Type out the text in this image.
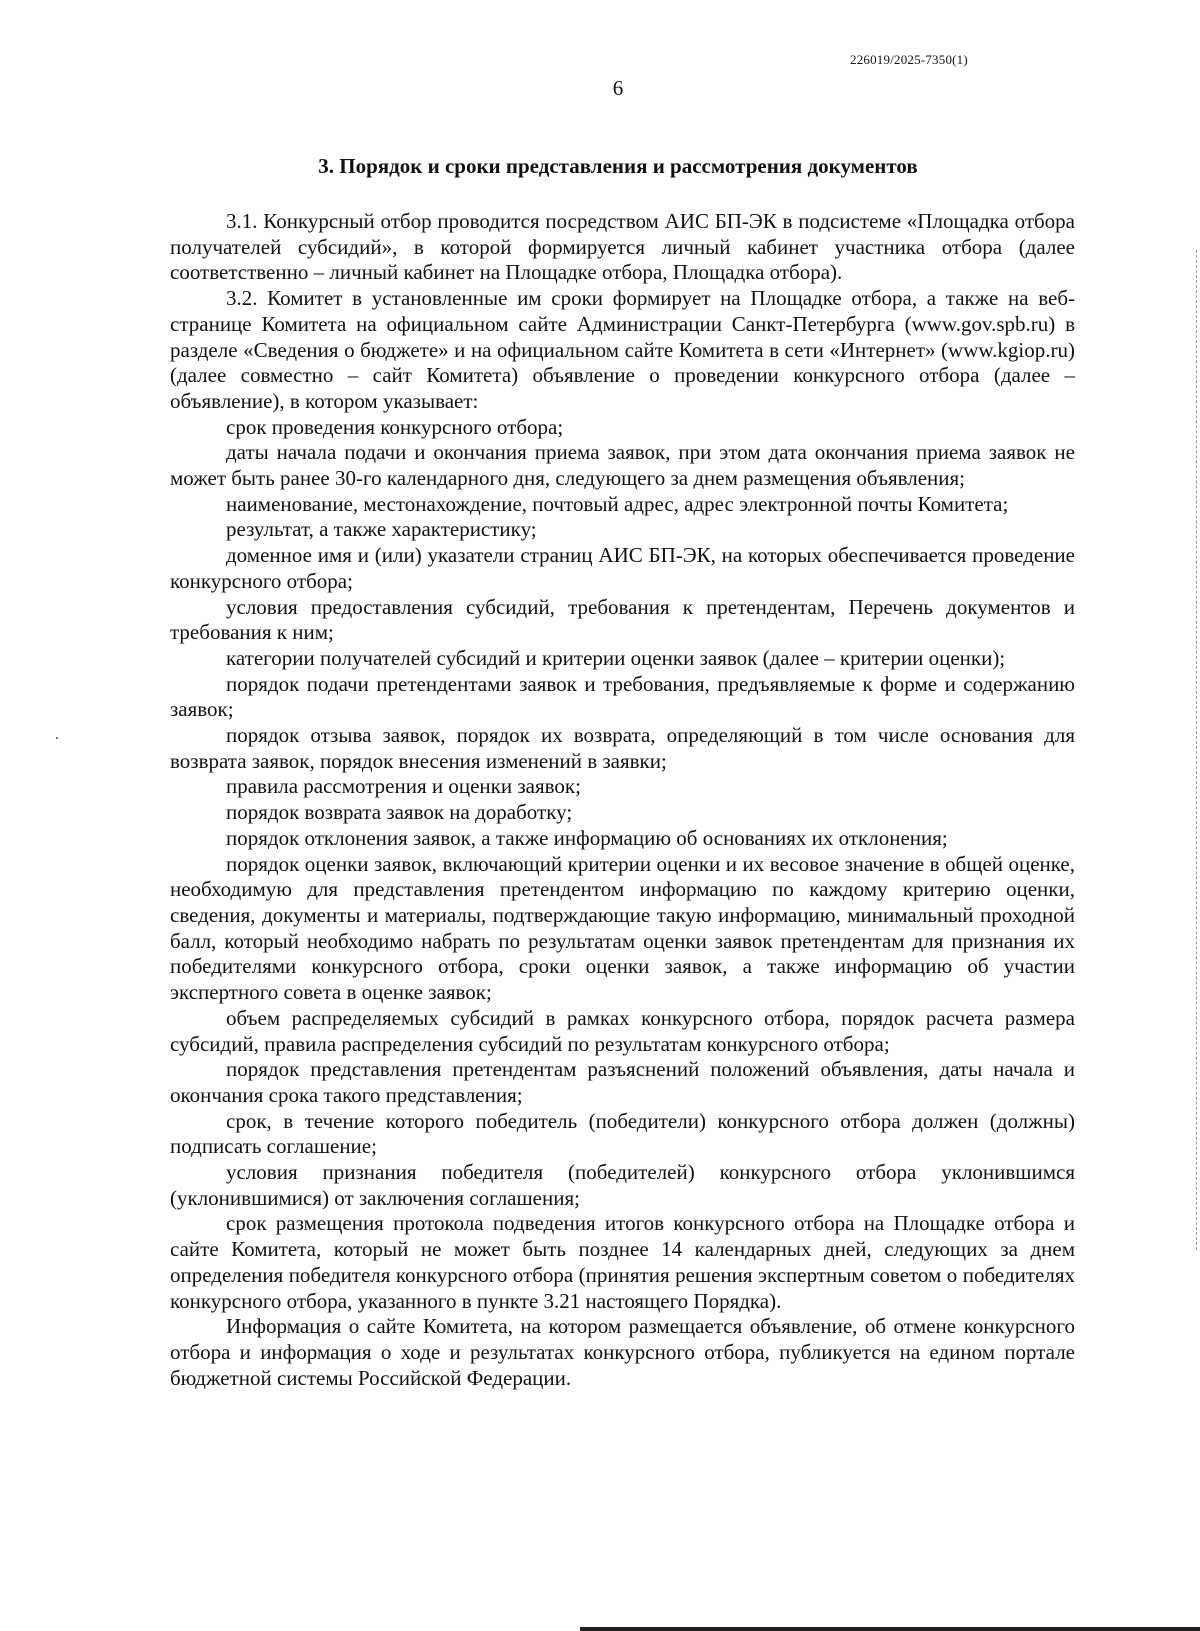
226019/2025-7350(1)
6
3. Порядок и сроки представления и рассмотрения документов

3.1. Конкурсный отбор проводится посредством АИС БП-ЭК в подсистеме «Площадка отбора получателей субсидий», в которой формируется личный кабинет участника отбора (далее соответственно – личный кабинет на Площадке отбора, Площадка отбора).

3.2. Комитет в установленные им сроки формирует на Площадке отбора, а также на веб-странице Комитета на официальном сайте Администрации Санкт-Петербурга (www.gov.spb.ru) в разделе «Сведения о бюджете» и на официальном сайте Комитета в сети «Интернет» (www.kgiop.ru) (далее совместно – сайт Комитета) объявление о проведении конкурсного отбора (далее – объявление), в котором указывает:

срок проведения конкурсного отбора;

даты начала подачи и окончания приема заявок, при этом дата окончания приема заявок не может быть ранее 30-го календарного дня, следующего за днем размещения объявления;

наименование, местонахождение, почтовый адрес, адрес электронной почты Комитета;

результат, а также характеристику;

доменное имя и (или) указатели страниц АИС БП-ЭК, на которых обеспечивается проведение конкурсного отбора;

условия предоставления субсидий, требования к претендентам, Перечень документов и требования к ним;

категории получателей субсидий и критерии оценки заявок (далее – критерии оценки);

порядок подачи претендентами заявок и требования, предъявляемые к форме и содержанию заявок;

порядок отзыва заявок, порядок их возврата, определяющий в том числе основания для возврата заявок, порядок внесения изменений в заявки;

правила рассмотрения и оценки заявок;

порядок возврата заявок на доработку;

порядок отклонения заявок, а также информацию об основаниях их отклонения;

порядок оценки заявок, включающий критерии оценки и их весовое значение в общей оценке, необходимую для представления претендентом информацию по каждому критерию оценки, сведения, документы и материалы, подтверждающие такую информацию, минимальный проходной балл, который необходимо набрать по результатам оценки заявок претендентам для признания их победителями конкурсного отбора, сроки оценки заявок, а также информацию об участии экспертного совета в оценке заявок;

объем распределяемых субсидий в рамках конкурсного отбора, порядок расчета размера субсидий, правила распределения субсидий по результатам конкурсного отбора;

порядок представления претендентам разъяснений положений объявления, даты начала и окончания срока такого представления;

срок, в течение которого победитель (победители) конкурсного отбора должен (должны) подписать соглашение;

условия признания победителя (победителей) конкурсного отбора уклонившимся (уклонившимися) от заключения соглашения;

срок размещения протокола подведения итогов конкурсного отбора на Площадке отбора и сайте Комитета, который не может быть позднее 14 календарных дней, следующих за днем определения победителя конкурсного отбора (принятия решения экспертным советом о победителях конкурсного отбора, указанного в пункте 3.21 настоящего Порядка).

Информация о сайте Комитета, на котором размещается объявление, об отмене конкурсного отбора и информация о ходе и результатах конкурсного отбора, публикуется на едином портале бюджетной системы Российской Федерации.
